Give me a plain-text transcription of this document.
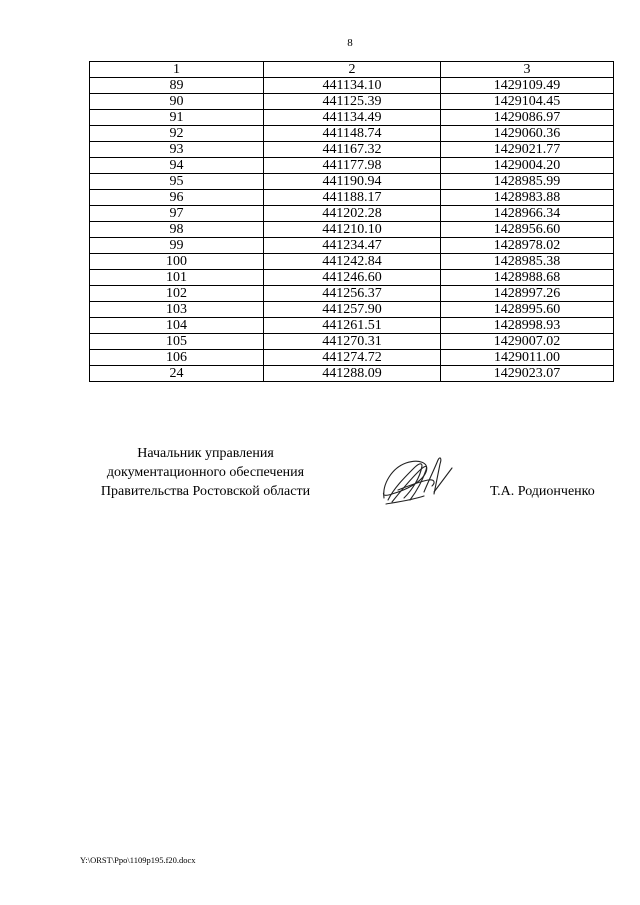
8
1	2	3
89	441134.10	1429109.49
90	441125.39	1429104.45
91	441134.49	1429086.97
92	441148.74	1429060.36
93	441167.32	1429021.77
94	441177.98	1429004.20
95	441190.94	1428985.99
96	441188.17	1428983.88
97	441202.28	1428966.34
98	441210.10	1428956.60
99	441234.47	1428978.02
100	441242.84	1428985.38
101	441246.60	1428988.68
102	441256.37	1428997.26
103	441257.90	1428995.60
104	441261.51	1428998.93
105	441270.31	1429007.02
106	441274.72	1429011.00
24	441288.09	1429023.07
Начальник управления
документационного обеспечения
Правительства Ростовской области	Т.А. Родионченко
Y:\ORST\Ppo\1109p195.f20.docx
